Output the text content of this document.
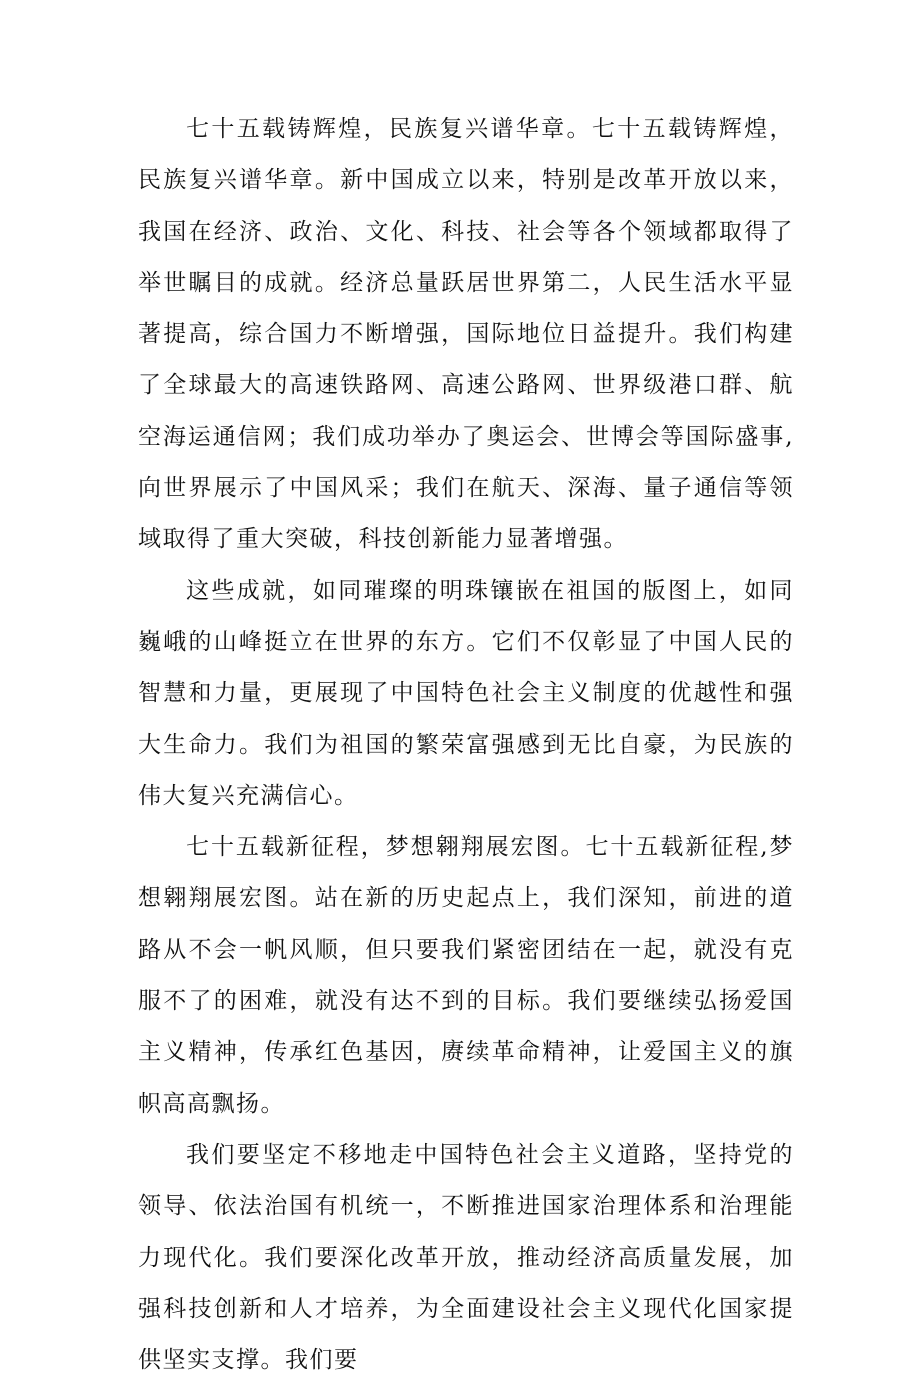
七十五载铸辉煌，民族复兴谱华章。七十五载铸辉煌，民族复兴谱华章。新中国成立以来，特别是改革开放以来，我国在经济、政治、文化、科技、社会等各个领域都取得了举世瞩目的成就。经济总量跃居世界第二，人民生活水平显著提高，综合国力不断增强，国际地位日益提升。我们构建了全球最大的高速铁路网、高速公路网、世界级港口群、航空海运通信网；我们成功举办了奥运会、世博会等国际盛事,向世界展示了中国风采；我们在航天、深海、量子通信等领域取得了重大突破，科技创新能力显著增强。

这些成就，如同璀璨的明珠镶嵌在祖国的版图上，如同巍峨的山峰挺立在世界的东方。它们不仅彰显了中国人民的智慧和力量，更展现了中国特色社会主义制度的优越性和强大生命力。我们为祖国的繁荣富强感到无比自豪，为民族的伟大复兴充满信心。

七十五载新征程，梦想翱翔展宏图。七十五载新征程,梦想翱翔展宏图。站在新的历史起点上，我们深知，前进的道路从不会一帆风顺，但只要我们紧密团结在一起，就没有克服不了的困难，就没有达不到的目标。我们要继续弘扬爱国主义精神，传承红色基因，赓续革命精神，让爱国主义的旗帜高高飘扬。

我们要坚定不移地走中国特色社会主义道路，坚持党的领导、依法治国有机统一，不断推进国家治理体系和治理能力现代化。我们要深化改革开放，推动经济高质量发展，加强科技创新和人才培养，为全面建设社会主义现代化国家提供坚实支撑。我们要
